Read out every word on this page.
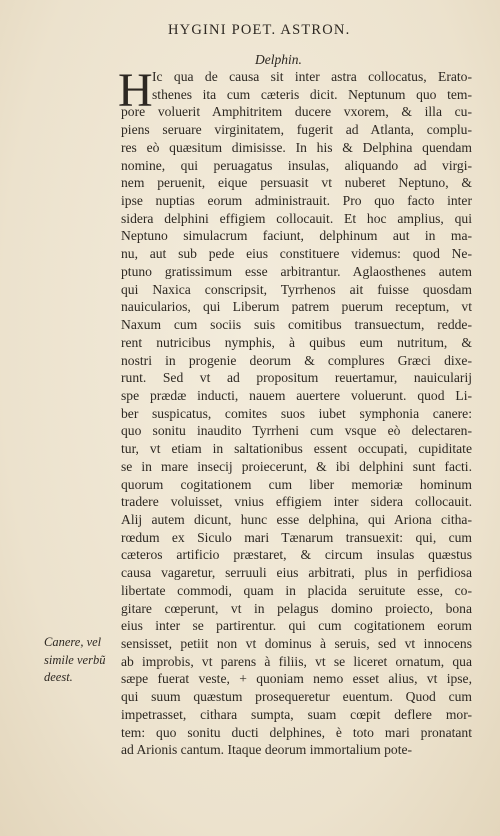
HYGINI POET. ASTRON.
Delphin.
H Ic qua de causa sit inter astra collocatus, Erato-
sthenes ita cum cæteris dicit. Neptunum quo tem-
pore voluerit Amphitritem ducere vxorem, & illa cu-
piens seruare virginitatem, fugerit ad Atlanta, complu-
res eò quæsitum dimisisse. In his & Delphina quendam
nomine, qui peruagatus insulas, aliquando ad virgi-
nem peruenit, eique persuasit vt nuberet Neptuno, &
ipse nuptias eorum administrauit. Pro quo facto inter
sidera delphini effigiem collocauit. Et hoc amplius, qui
Neptuno simulacrum faciunt, delphinum aut in ma-
nu, aut sub pede eius constituere videmus: quod Ne-
ptuno gratissimum esse arbitrantur. Aglaosthenes autem
qui Naxica conscripsit, Tyrrhenos ait fuisse quosdam
nauicularios, qui Liberum patrem puerum receptum, vt
Naxum cum sociis suis comitibus transuectum, redde-
rent nutricibus nymphis, à quibus eum nutritum, &
nostri in progenie deorum & complures Græci dixe-
runt. Sed vt ad propositum reuertamur, nauicularij
spe prædæ inducti, nauem auertere voluerunt. quod Li-
ber suspicatus, comites suos iubet symphonia canere:
quo sonitu inaudito Tyrrheni cum vsque eò delectaren-
tur, vt etiam in saltationibus essent occupati, cupiditate
se in mare insecij proiecerunt, & ibi delphini sunt facti.
quorum cogitationem cum liber memoriæ hominum
tradere voluisset, vnius effigiem inter sidera collocauit.
Alij autem dicunt, hunc esse delphina, qui Ariona citha-
rœdum ex Siculo mari Tænarum transuexit: qui, cum
cæteros artificio præstaret, & circum insulas quæstus
causa vagaretur, serruuli eius arbitrati, plus in perfidiosa
libertate commodi, quam in placida seruitute esse, co-
gitare cœperunt, vt in pelagus domino proiecto, bona
eius inter se partirentur. qui cum cogitationem eorum
sensisset, petiit non vt dominus à seruis, sed vt innocens
ab improbis, vt parens à filiis, vt se liceret ornatum, qua
sæpe fuerat veste, + quoniam nemo esset alius, vt ipse,
qui suum quæstum prosequeretur euentum. Quod cum
impetrasset, cithara sumpta, suam cœpit deflere mor-
tem: quo sonitu ducti delphines, è toto mari pronatant
ad Arionis cantum. Itaque deorum immortalium pote-
Canere, vel
simile verbũ
deest.
